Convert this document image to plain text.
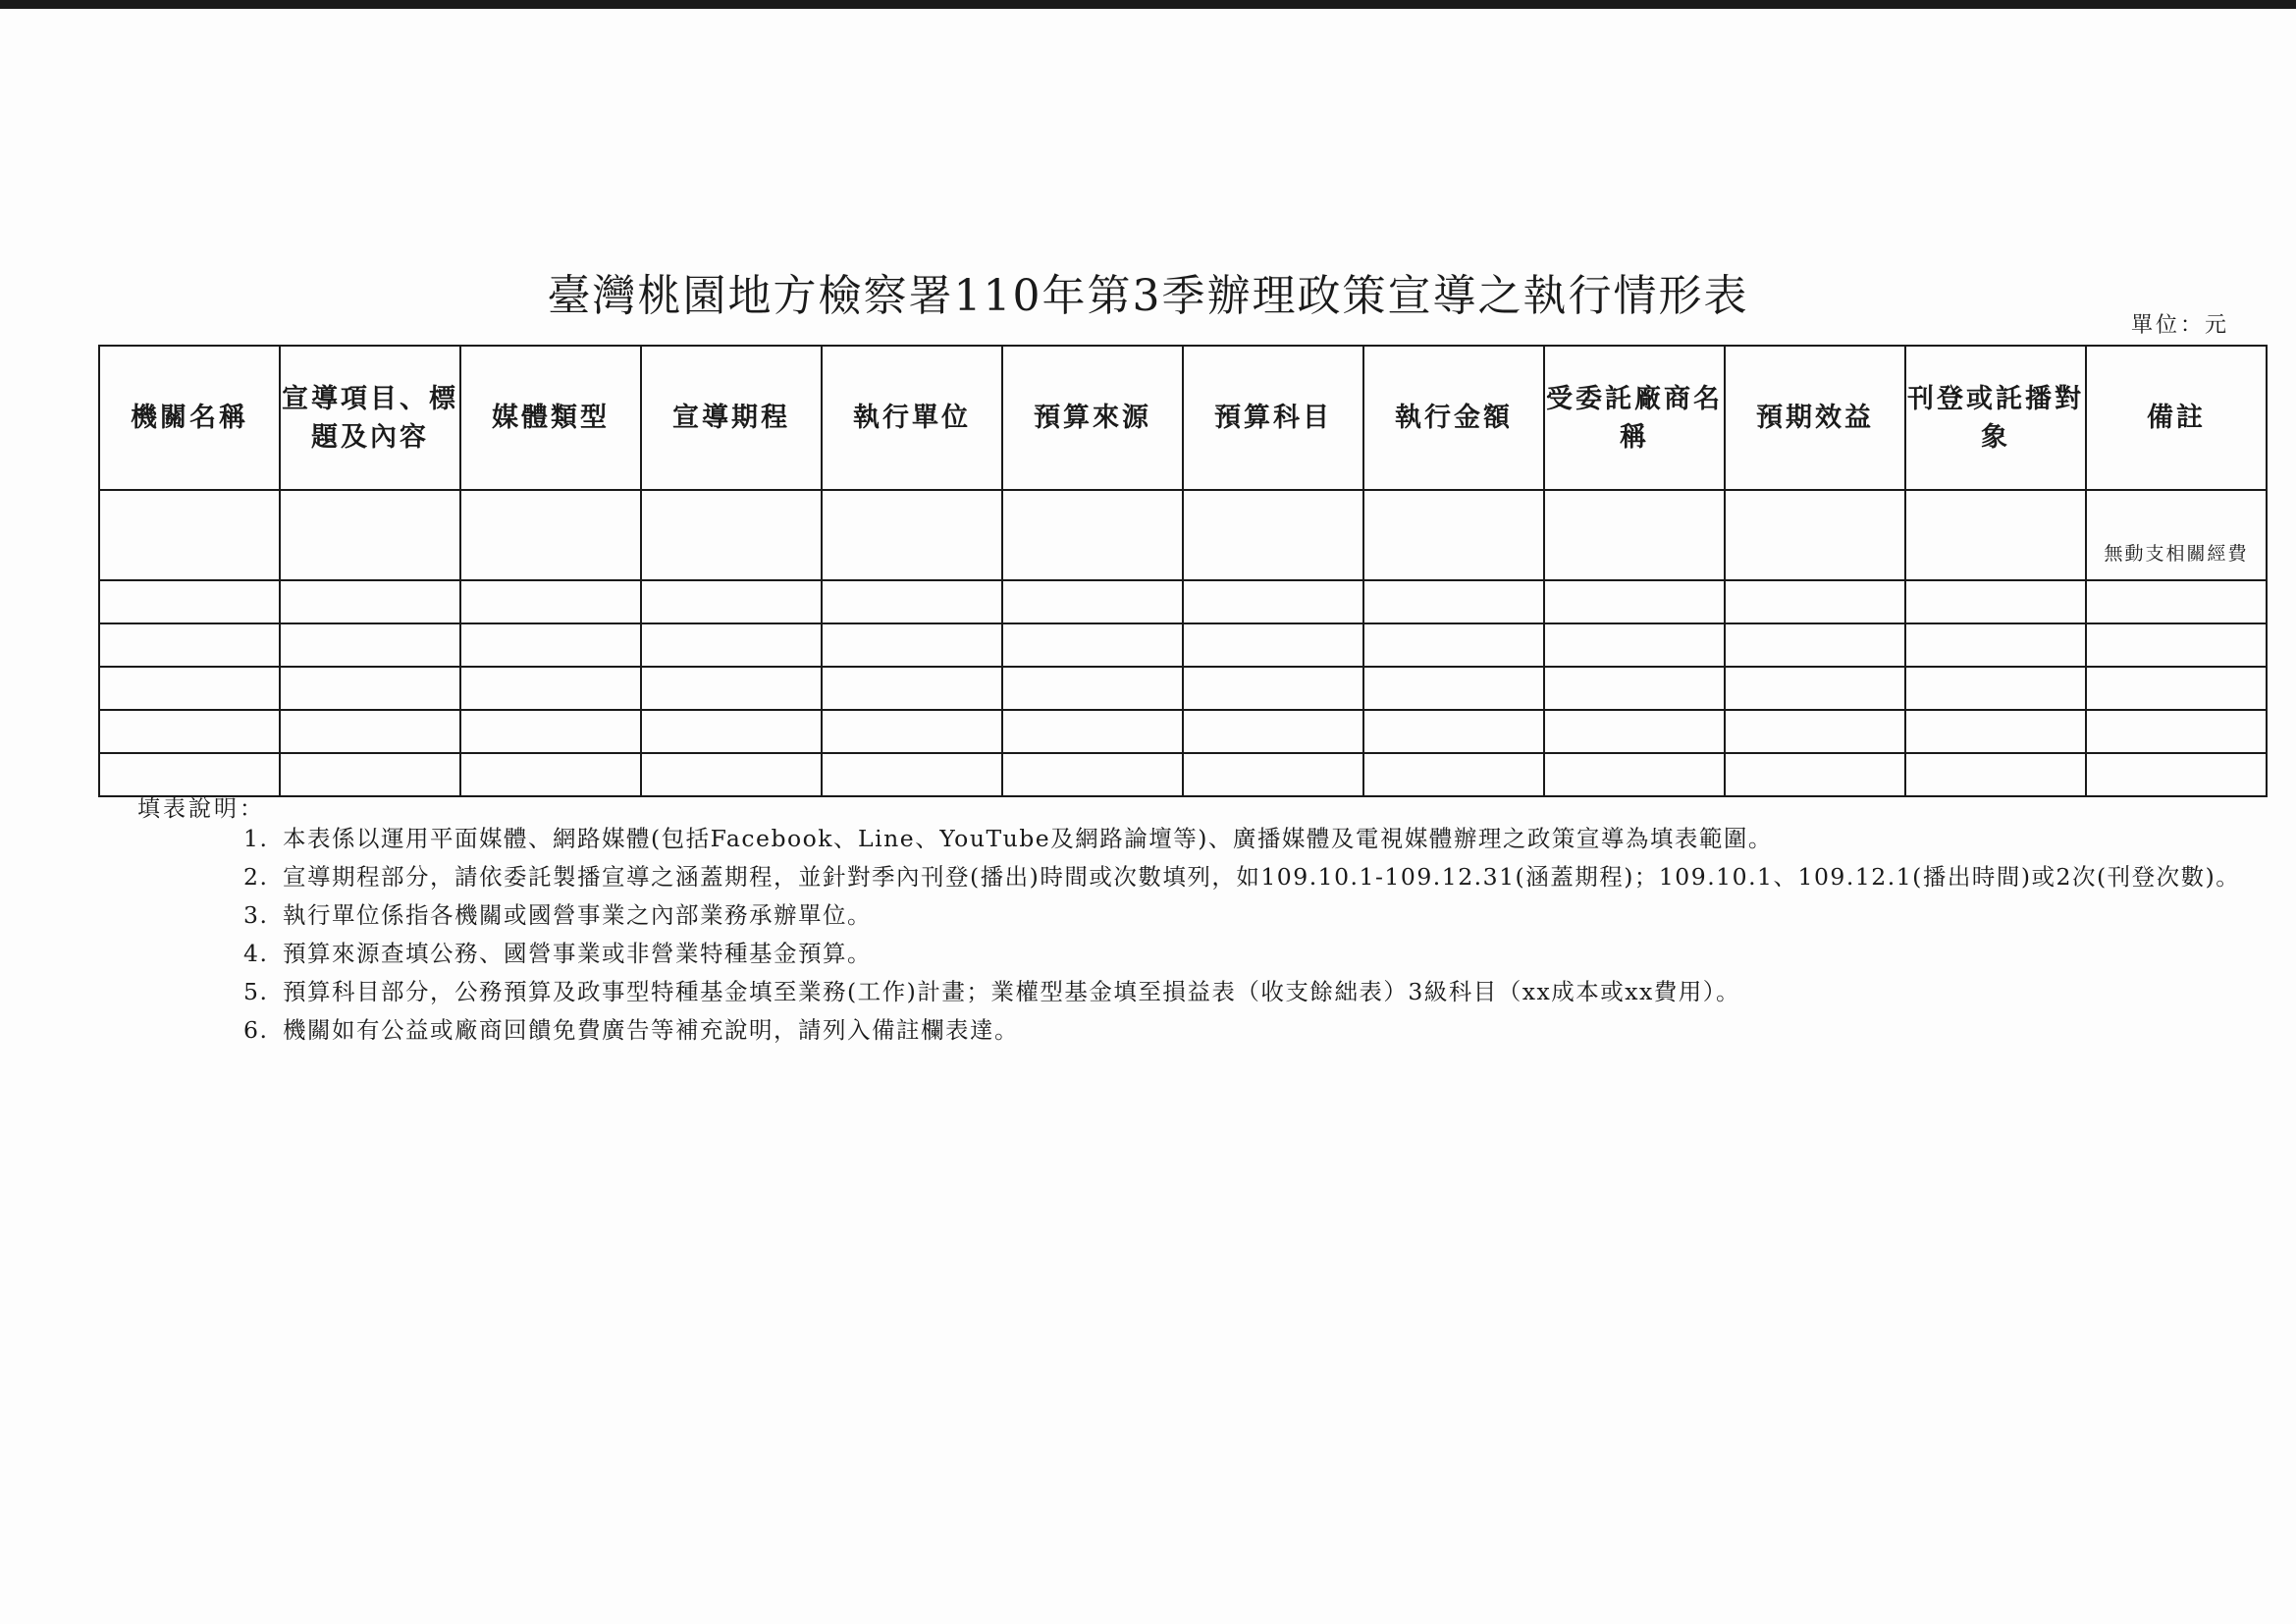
臺灣桃園地方檢察署110年第3季辦理政策宣導之執行情形表
單位：元
機關名稱	宣導項目、標題及內容	媒體類型	宣導期程	執行單位	預算來源	預算科目	執行金額	受委託廠商名稱	預期效益	刊登或託播對象	備註
											無動支相關經費

填表說明：
1. 本表係以運用平面媒體、網路媒體(包括Facebook、Line、YouTube及網路論壇等)、廣播媒體及電視媒體辦理之政策宣導為填表範圍。
2. 宣導期程部分，請依委託製播宣導之涵蓋期程，並針對季內刊登(播出)時間或次數填列，如109.10.1-109.12.31(涵蓋期程)；109.10.1、109.12.1(播出時間)或2次(刊登次數)。
3. 執行單位係指各機關或國營事業之內部業務承辦單位。
4. 預算來源查填公務、國營事業或非營業特種基金預算。
5. 預算科目部分，公務預算及政事型特種基金填至業務(工作)計畫；業權型基金填至損益表（收支餘絀表）3級科目（xx成本或xx費用）。
6. 機關如有公益或廠商回饋免費廣告等補充說明，請列入備註欄表達。
